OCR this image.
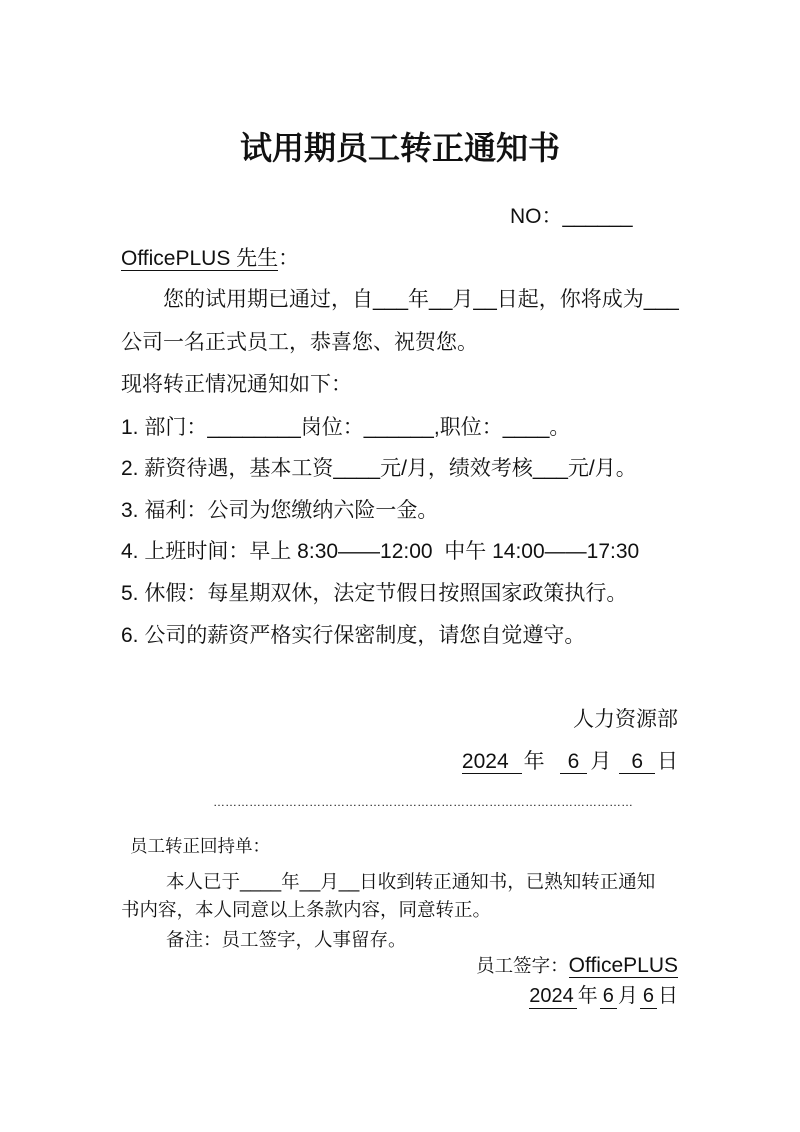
试用期员工转正通知书
NO： ______
OfficePLUS 先生 ：
您的试用期已通过，自___年__月__日起，你将成为___
公司一名正式员工，恭喜您、祝贺您。
现将转正情况通知如下：
1. 部门：________岗位：______,职位：____。
2. 薪资待遇，基本工资____元/月，绩效考核___元/月。
3. 福利：公司为您缴纳六险一金。
4. 上班时间：早上 8:30——12:00  中午 14:00——17:30
5. 休假：每星期双休，法定节假日按照国家政策执行。
6. 公司的薪资严格实行保密制度，请您自觉遵守。
人力资源部
2024 年	6 月 6 日
……………………………………………………………………………………………
员工转正回持单：
本人已于____年__月__日收到转正通知书，已熟知转正通知
书内容，本人同意以上条款内容，同意转正。
备注：员工签字，人事留存。
员工签字： OfficePLUS
2024 年 6 月 6 日
